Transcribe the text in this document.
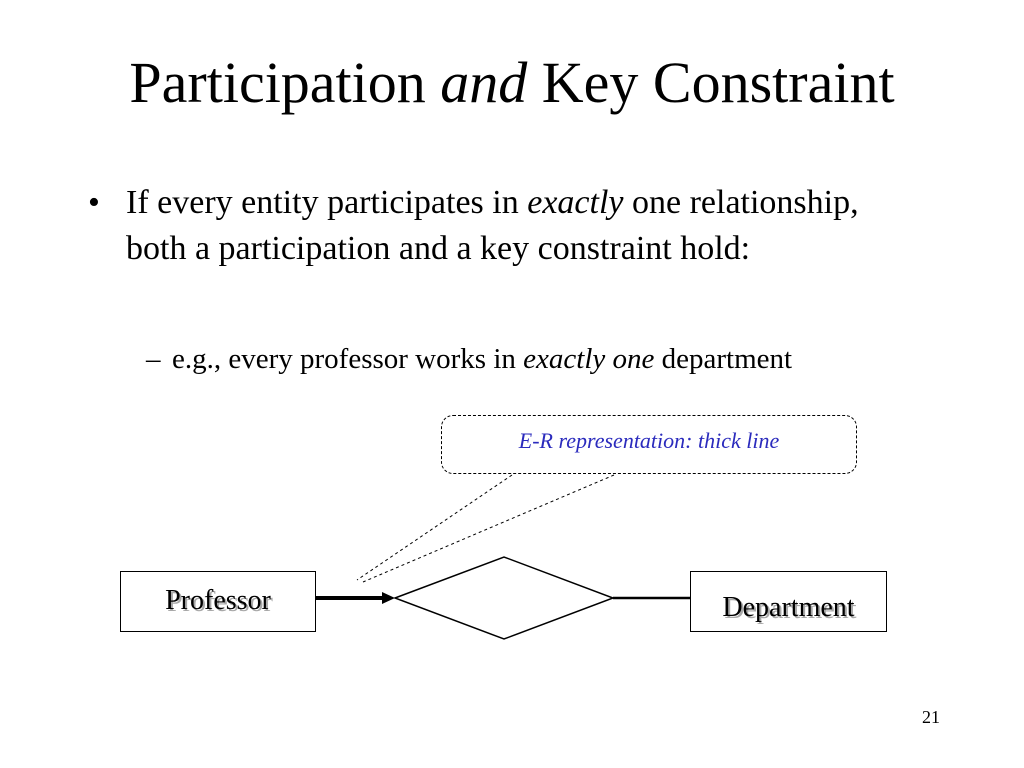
Participation and Key Constraint
• If every entity participates in exactly one relationship, both a participation and a key constraint hold:
– e.g., every professor works in exactly one department
E-R representation: thick line
Professor	Department
21
